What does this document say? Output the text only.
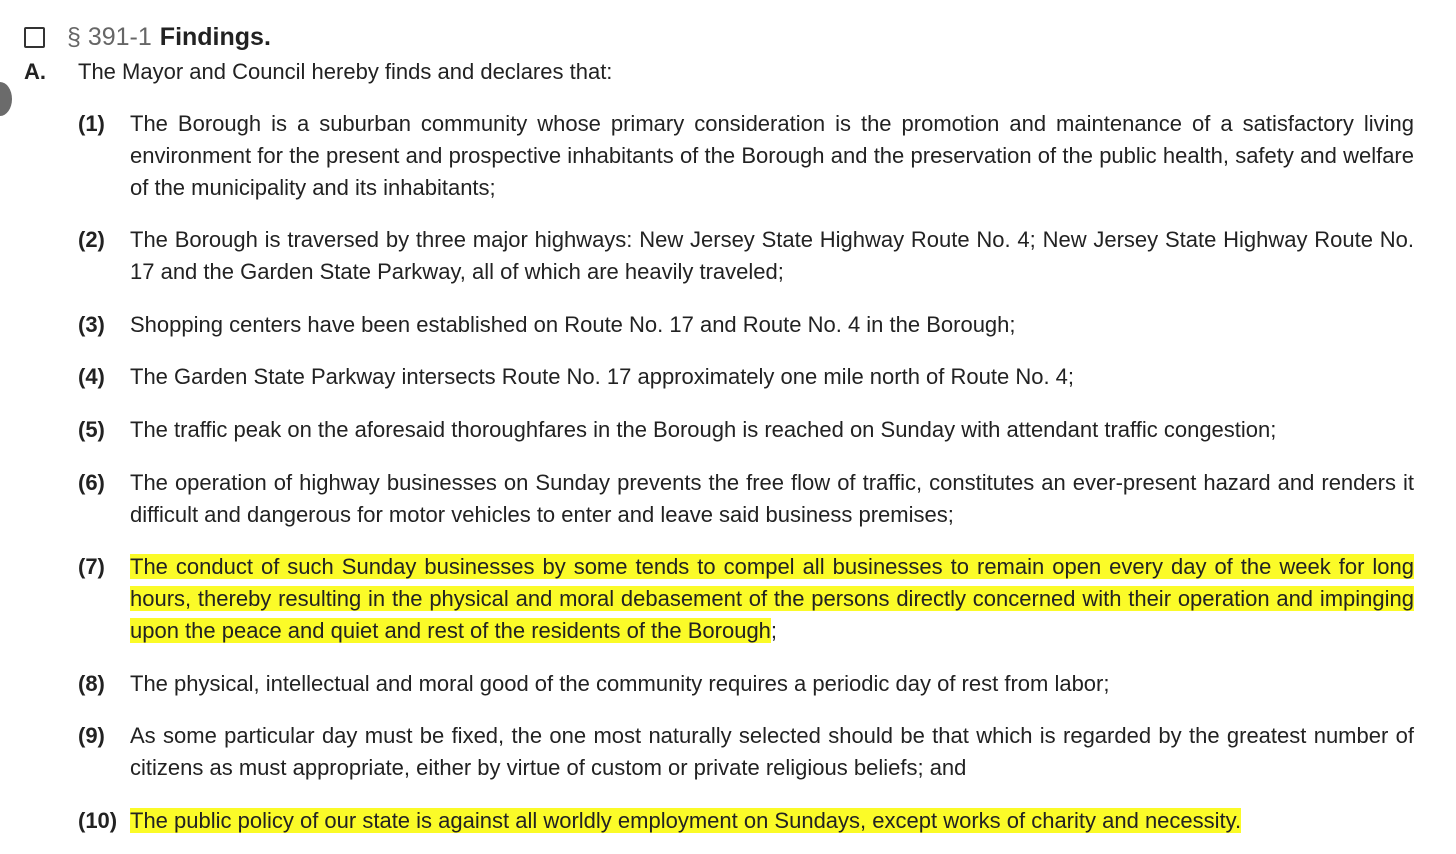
§ 391-1 Findings.
A.	The Mayor and Council hereby finds and declares that:
(1)	The Borough is a suburban community whose primary consideration is the promotion and maintenance of a satisfactory living environment for the present and prospective inhabitants of the Borough and the preservation of the public health, safety and welfare of the municipality and its inhabitants;
(2)	The Borough is traversed by three major highways: New Jersey State Highway Route No. 4; New Jersey State Highway Route No. 17 and the Garden State Parkway, all of which are heavily traveled;
(3)	Shopping centers have been established on Route No. 17 and Route No. 4 in the Borough;
(4)	The Garden State Parkway intersects Route No. 17 approximately one mile north of Route No. 4;
(5)	The traffic peak on the aforesaid thoroughfares in the Borough is reached on Sunday with attendant traffic congestion;
(6)	The operation of highway businesses on Sunday prevents the free flow of traffic, constitutes an ever-present hazard and renders it difficult and dangerous for motor vehicles to enter and leave said business premises;
(7)	The conduct of such Sunday businesses by some tends to compel all businesses to remain open every day of the week for long hours, thereby resulting in the physical and moral debasement of the persons directly concerned with their operation and impinging upon the peace and quiet and rest of the residents of the Borough;
(8)	The physical, intellectual and moral good of the community requires a periodic day of rest from labor;
(9)	As some particular day must be fixed, the one most naturally selected should be that which is regarded by the greatest number of citizens as must appropriate, either by virtue of custom or private religious beliefs; and
(10) The public policy of our state is against all worldly employment on Sundays, except works of charity and necessity.
